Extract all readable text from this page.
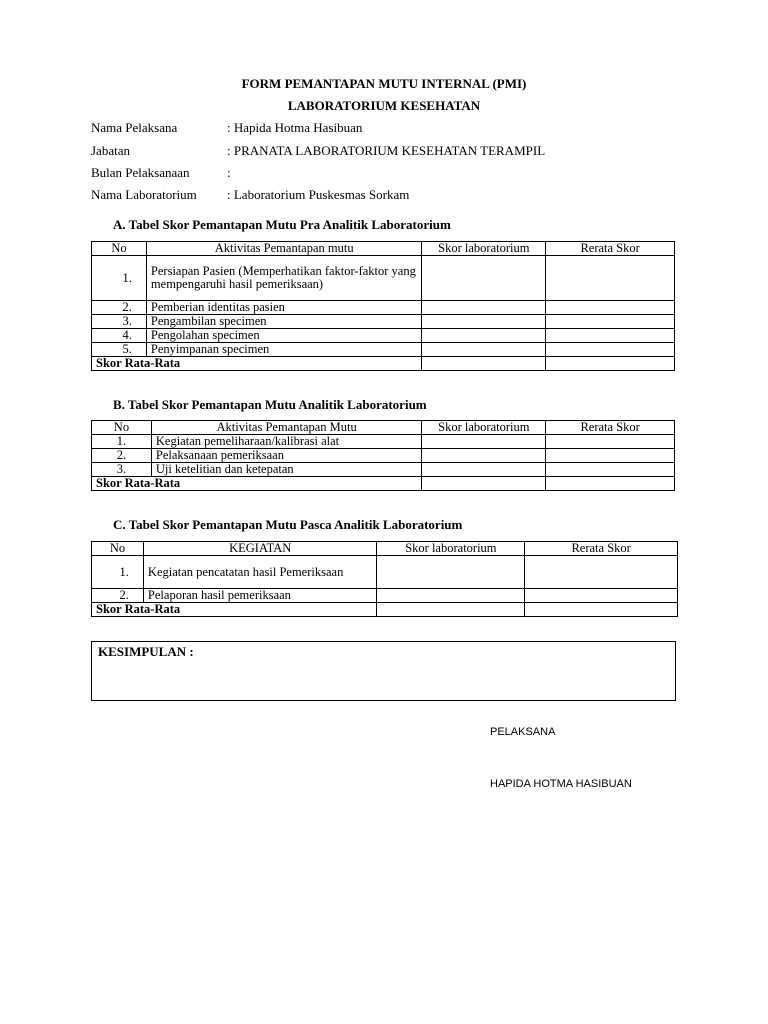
FORM PEMANTAPAN MUTU INTERNAL (PMI)
LABORATORIUM KESEHATAN
Nama Pelaksana	: Hapida Hotma Hasibuan
Jabatan	: PRANATA LABORATORIUM KESEHATAN TERAMPIL
Bulan Pelaksanaan	:
Nama Laboratorium : Laboratorium Puskesmas Sorkam
A. Tabel Skor Pemantapan Mutu Pra Analitik Laboratorium
No	Aktivitas Pemantapan mutu	Skor laboratorium	Rerata Skor
1.	Persiapan Pasien (Memperhatikan faktor-faktor yang mempengaruhi hasil pemeriksaan)		
2.	Pemberian identitas pasien		
3.	Pengambilan specimen		
4.	Pengolahan specimen		
5.	Penyimpanan specimen		
Skor Rata-Rata			
B. Tabel Skor Pemantapan Mutu Analitik Laboratorium
No	Aktivitas Pemantapan Mutu	Skor laboratorium	Rerata Skor
1.	Kegiatan pemeliharaan/kalibrasi alat		
2.	Pelaksanaan pemeriksaan		
3.	Uji ketelitian dan ketepatan		
Skor Rata-Rata			
C. Tabel Skor Pemantapan Mutu Pasca Analitik Laboratorium
No	KEGIATAN	Skor laboratorium	Rerata Skor
1.	Kegiatan pencatatan hasil Pemeriksaan		
2.	Pelaporan hasil pemeriksaan		
Skor Rata-Rata			
KESIMPULAN :
PELAKSANA
HAPIDA HOTMA HASIBUAN
